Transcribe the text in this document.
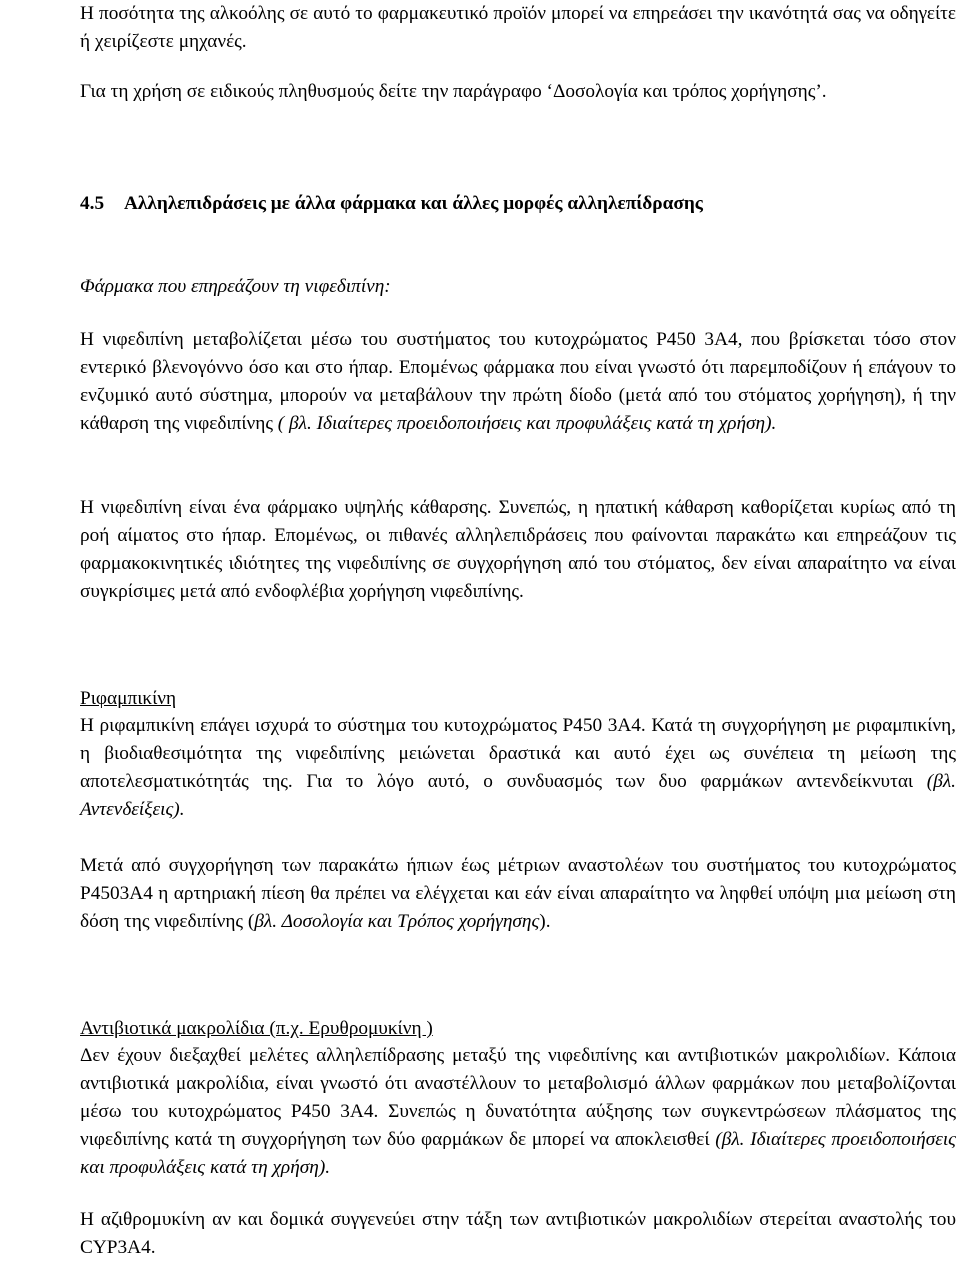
Η ποσότητα της αλκοόλης σε αυτό το φαρμακευτικό προϊόν μπορεί να επηρεάσει την ικανότητά σας να οδηγείτε ή χειρίζεστε μηχανές.

Για τη χρήση σε ειδικούς πληθυσμούς δείτε την παράγραφο ‘Δοσολογία και τρόπος χορήγησης’.

4.5 Αλληλεπιδράσεις με άλλα φάρμακα και άλλες μορφές αλληλεπίδρασης

Φάρμακα που επηρεάζουν τη νιφεδιπίνη:

Η νιφεδιπίνη μεταβολίζεται μέσω του συστήματος του κυτοχρώματος P450 3A4, που βρίσκεται τόσο στον εντερικό βλενογόννο όσο και στο ήπαρ. Επομένως φάρμακα που είναι γνωστό ότι παρεμποδίζουν ή επάγουν το ενζυμικό αυτό σύστημα, μπορούν να μεταβάλουν την πρώτη δίοδο (μετά από του στόματος χορήγηση), ή την κάθαρση της νιφεδιπίνης ( βλ. Ιδιαίτερες προειδοποιήσεις και προφυλάξεις κατά τη χρήση).

Η νιφεδιπίνη είναι ένα φάρμακο υψηλής κάθαρσης. Συνεπώς, η ηπατική κάθαρση καθορίζεται κυρίως από τη ροή αίματος στο ήπαρ. Επομένως, οι πιθανές αλληλεπιδράσεις που φαίνονται παρακάτω και επηρεάζουν τις φαρμακοκινητικές ιδιότητες της νιφεδιπίνης σε συγχορήγηση από του στόματος, δεν είναι απαραίτητο να είναι συγκρίσιμες μετά από ενδοφλέβια χορήγηση νιφεδιπίνης.

Ριφαμπικίνη

Η ριφαμπικίνη επάγει ισχυρά το σύστημα του κυτοχρώματος P450 3A4. Κατά τη συγχορήγηση με ριφαμπικίνη, η βιοδιαθεσιμότητα της νιφεδιπίνης μειώνεται δραστικά και αυτό έχει ως συνέπεια τη μείωση της αποτελεσματικότητάς της. Για το λόγο αυτό, ο συνδυασμός των δυο φαρμάκων αντενδείκνυται (βλ. Αντενδείξεις).

Μετά από συγχορήγηση των παρακάτω ήπιων έως μέτριων αναστολέων του συστήματος του κυτοχρώματος P4503A4 η αρτηριακή πίεση θα πρέπει να ελέγχεται και εάν είναι απαραίτητο να ληφθεί υπόψη μια μείωση στη δόση της νιφεδιπίνης (βλ. Δοσολογία και Τρόπος χορήγησης).

Αντιβιοτικά μακρολίδια (π.χ. Ερυθρομυκίνη )

Δεν έχουν διεξαχθεί μελέτες αλληλεπίδρασης μεταξύ της νιφεδιπίνης και αντιβιοτικών μακρολιδίων. Κάποια αντιβιοτικά μακρολίδια, είναι γνωστό ότι αναστέλλουν το μεταβολισμό άλλων φαρμάκων που μεταβολίζονται μέσω του κυτοχρώματος P450 3A4. Συνεπώς η δυνατότητα αύξησης των συγκεντρώσεων πλάσματος της νιφεδιπίνης κατά τη συγχορήγηση των δύο φαρμάκων δε μπορεί να αποκλεισθεί (βλ. Ιδιαίτερες προειδοποιήσεις και προφυλάξεις κατά τη χρήση).

Η αζιθρομυκίνη αν και δομικά συγγενεύει στην τάξη των αντιβιοτικών μακρολιδίων στερείται αναστολής του CYP3A4.
